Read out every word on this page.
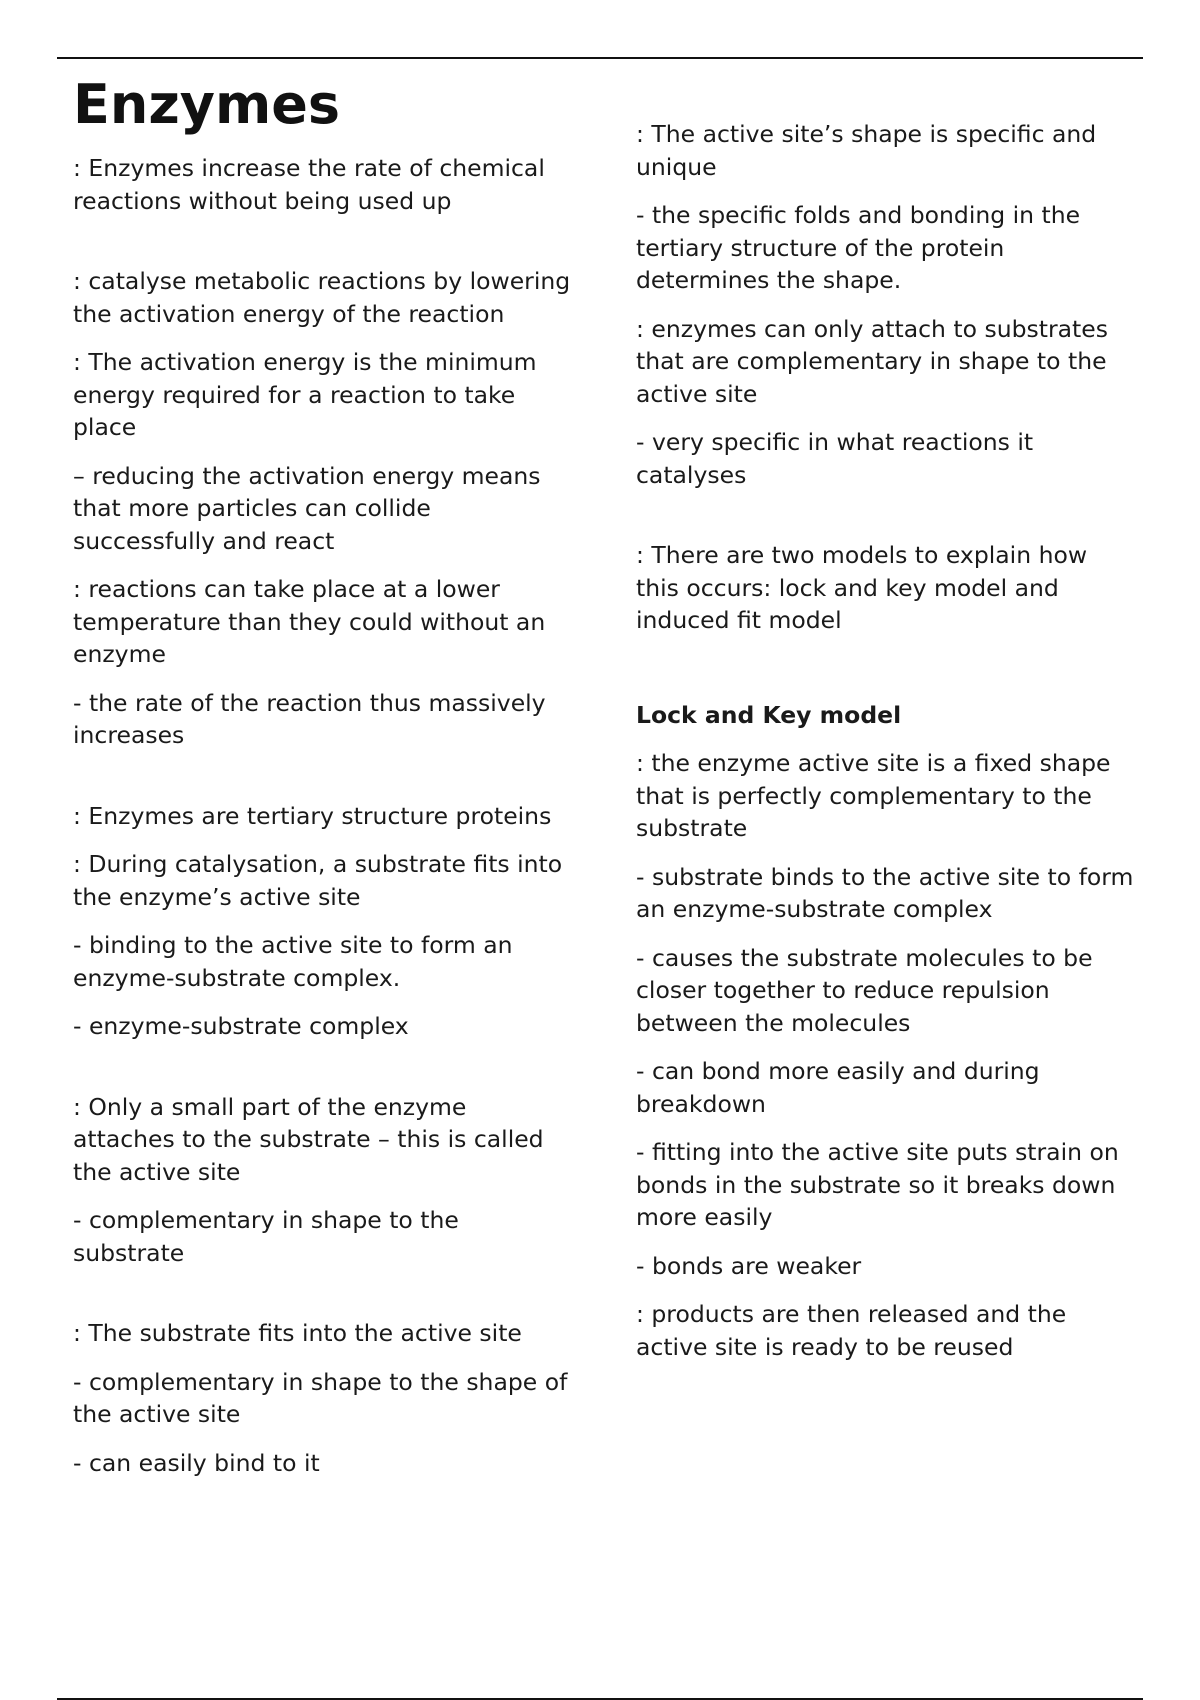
Enzymes

: Enzymes increase the rate of chemical reactions without being used up

: catalyse metabolic reactions by lowering the activation energy of the reaction

: The activation energy is the minimum energy required for a reaction to take place

– reducing the activation energy means that more particles can collide successfully and react

: reactions can take place at a lower temperature than they could without an enzyme

- the rate of the reaction thus massively increases

: Enzymes are tertiary structure proteins

: During catalysation, a substrate fits into the enzyme’s active site

- binding to the active site to form an enzyme-substrate complex.

- enzyme-substrate complex

: Only a small part of the enzyme attaches to the substrate – this is called the active site

- complementary in shape to the substrate

: The substrate fits into the active site

- complementary in shape to the shape of the active site

- can easily bind to it

: The active site’s shape is specific and unique

- the specific folds and bonding in the tertiary structure of the protein determines the shape.

: enzymes can only attach to substrates that are complementary in shape to the active site

- very specific in what reactions it catalyses

: There are two models to explain how this occurs: lock and key model and induced fit model

Lock and Key model

: the enzyme active site is a fixed shape that is perfectly complementary to the substrate

- substrate binds to the active site to form an enzyme-substrate complex

- causes the substrate molecules to be closer together to reduce repulsion between the molecules

- can bond more easily and during breakdown

- fitting into the active site puts strain on bonds in the substrate so it breaks down more easily

- bonds are weaker

: products are then released and the active site is ready to be reused
